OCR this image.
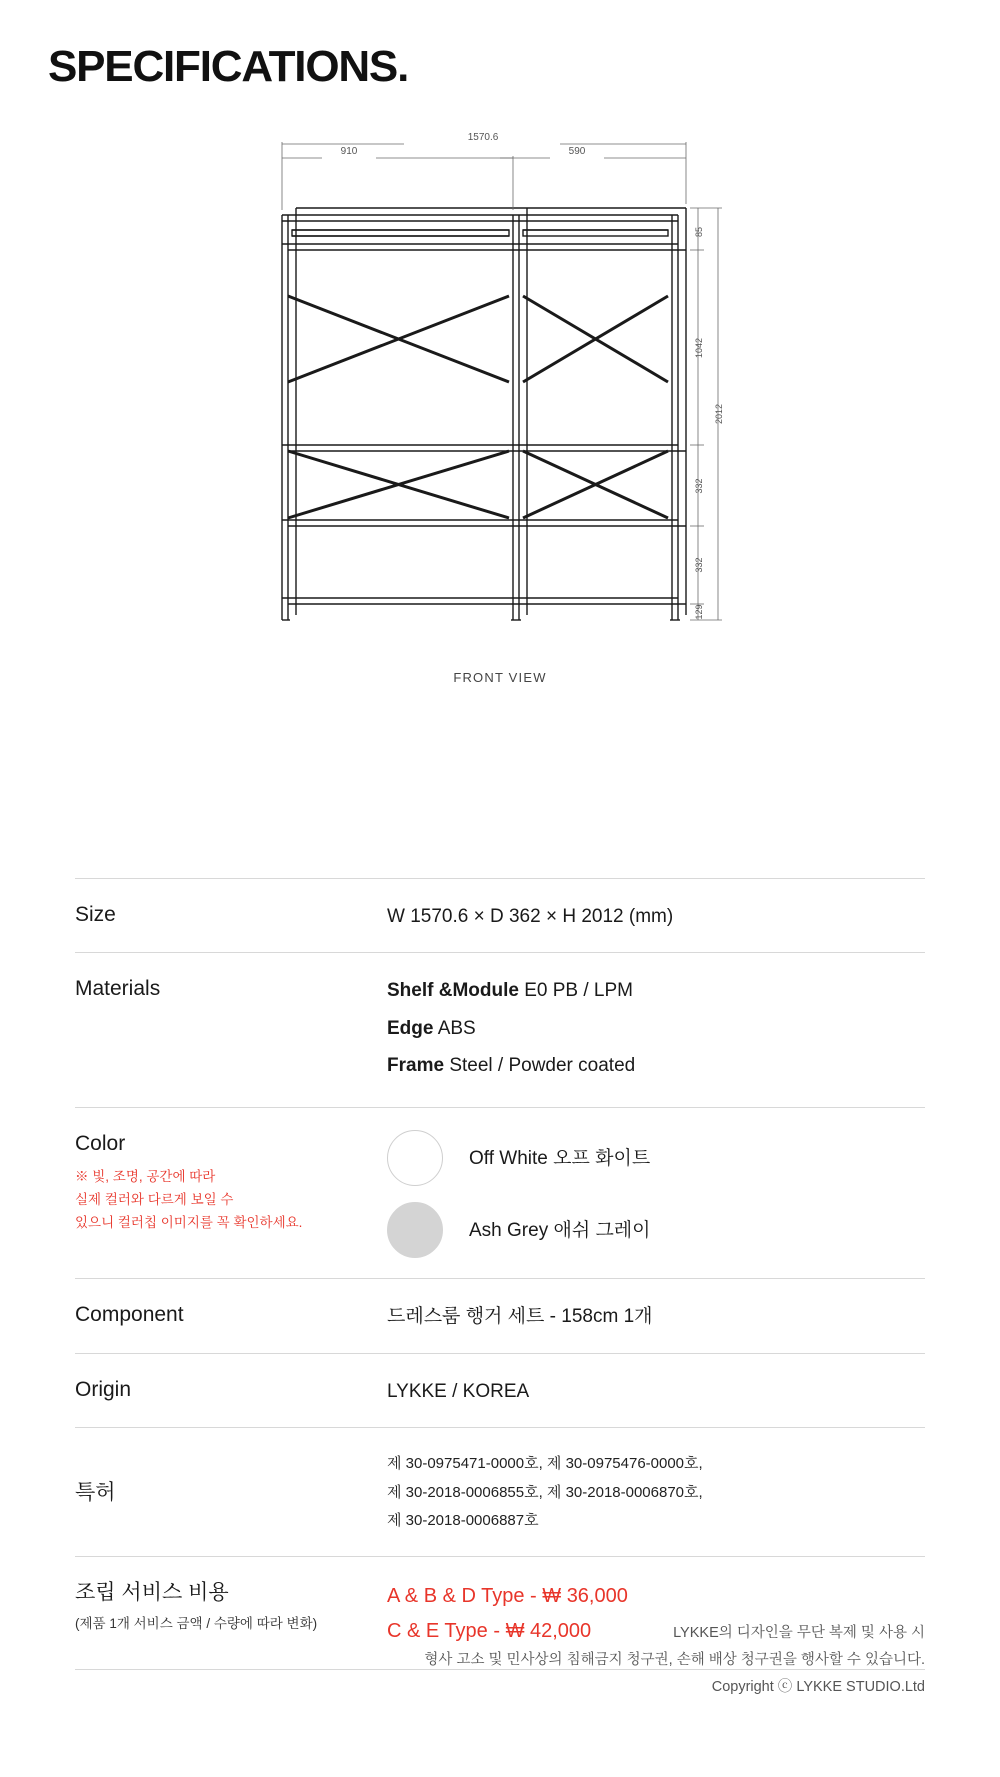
SPECIFICATIONS.
1570.6
910	590
85
1042
2012
332
332
129
FRONT VIEW
Size	W 1570.6 × D 362 × H 2012 (mm)
Materials	Shelf &Module E0 PB / LPM
Edge ABS
Frame Steel / Powder coated
Color
※ 빛, 조명, 공간에 따라
실제 컬러와 다르게 보일 수
있으니 컬러칩 이미지를 꼭 확인하세요.
Off White 오프 화이트
Ash Grey 애쉬 그레이
Component	드레스룸 행거 세트 - 158cm 1개
Origin	LYKKE / KOREA
특허
제 30-0975471-0000호, 제 30-0975476-0000호,
제 30-2018-0006855호, 제 30-2018-0006870호,
제 30-2018-0006887호
조립 서비스 비용
(제품 1개 서비스 금액 / 수량에 따라 변화)
A & B & D Type - ₩ 36,000
C & E Type - ₩ 42,000	LYKKE의 디자인을 무단 복제 및 사용 시
형사 고소 및 민사상의 침해금지 청구권, 손해 배상 청구권을 행사할 수 있습니다.
Copyright ⓒ LYKKE STUDIO.Ltd
